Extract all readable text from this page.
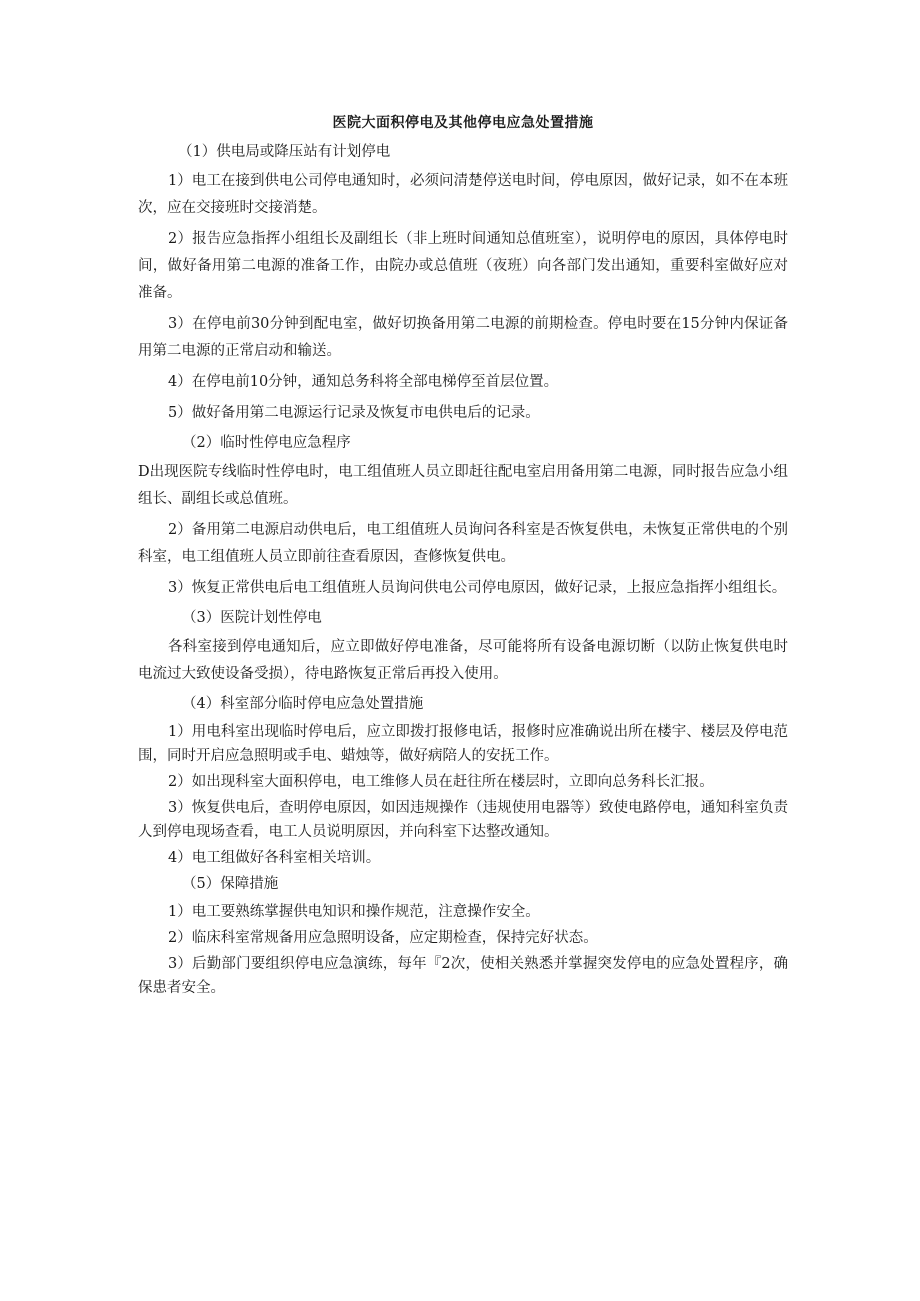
医院大面积停电及其他停电应急处置措施
（1）供电局或降压站有计划停电

1）电工在接到供电公司停电通知时，必须问清楚停送电时间，停电原因，做好记录，如不在本班次，应在交接班时交接消楚。

2）报告应急指挥小组组长及副组长（非上班时间通知总值班室），说明停电的原因，具体停电时间，做好备用第二电源的准备工作，由院办或总值班（夜班）向各部门发出通知，重要科室做好应对准备。

3）在停电前30分钟到配电室，做好切换备用第二电源的前期检查。停电时要在15分钟内保证备用第二电源的正常启动和输送。

4）在停电前10分钟，通知总务科将全部电梯停至首层位置。

5）做好备用第二电源运行记录及恢复市电供电后的记录。

（2）临时性停电应急程序

D出现医院专线临时性停电时，电工组值班人员立即赶往配电室启用备用第二电源，同时报告应急小组组长、副组长或总值班。

2）备用第二电源启动供电后，电工组值班人员询问各科室是否恢复供电，未恢复正常供电的个别科室，电工组值班人员立即前往查看原因，查修恢复供电。

3）恢复正常供电后电工组值班人员询问供电公司停电原因，做好记录，上报应急指挥小组组长。

（3）医院计划性停电

各科室接到停电通知后，应立即做好停电准备，尽可能将所有设备电源切断（以防止恢复供电时电流过大致使设备受损），待电路恢复正常后再投入使用。

（4）科室部分临时停电应急处置措施

1）用电科室出现临时停电后，应立即拨打报修电话，报修时应准确说出所在楼宇、楼层及停电范围，同时开启应急照明或手电、蜡烛等，做好病陪人的安抚工作。

2）如出现科室大面积停电，电工维修人员在赶往所在楼层时，立即向总务科长汇报。

3）恢复供电后，查明停电原因，如因违规操作（违规使用电器等）致使电路停电，通知科室负责人到停电现场查看，电工人员说明原因，并向科室下达整改通知。

4）电工组做好各科室相关培训。

（5）保障措施

1）电工要熟练掌握供电知识和操作规范，注意操作安全。

2）临床科室常规备用应急照明设备，应定期检查，保持完好状态。

3）后勤部门要组织停电应急演练，每年『2次，使相关熟悉并掌握突发停电的应急处置程序，确保患者安全。
